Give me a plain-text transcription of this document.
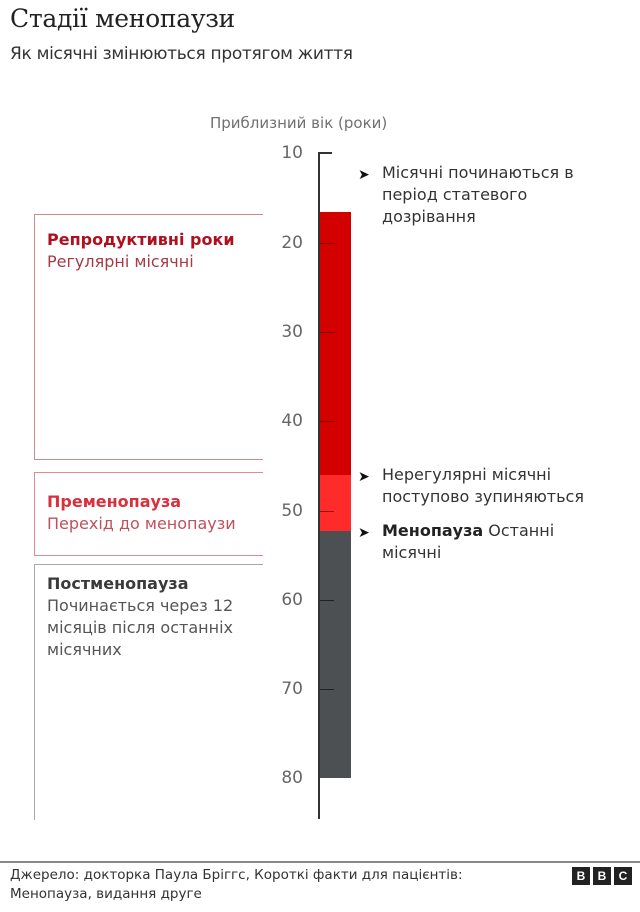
Стадії менопаузи
Як місячні змінюються протягом життя
Приблизний вік (роки)
Репродуктивні роки
Регулярні місячні
Пременопауза
Перехід до менопаузи
Постменопауза
Починається через 12 місяців після останніх місячних
10
20
30
40
50
60
70
80
➤ Місячні починаються в період статевого дозрівання
➤ Нерегулярні місячні поступово зупиняються
➤ Менопауза Останні місячні
Джерело: докторка Паула Бріггс, Короткі факти для пацієнтів: Менопауза, видання друге
B	B	C
